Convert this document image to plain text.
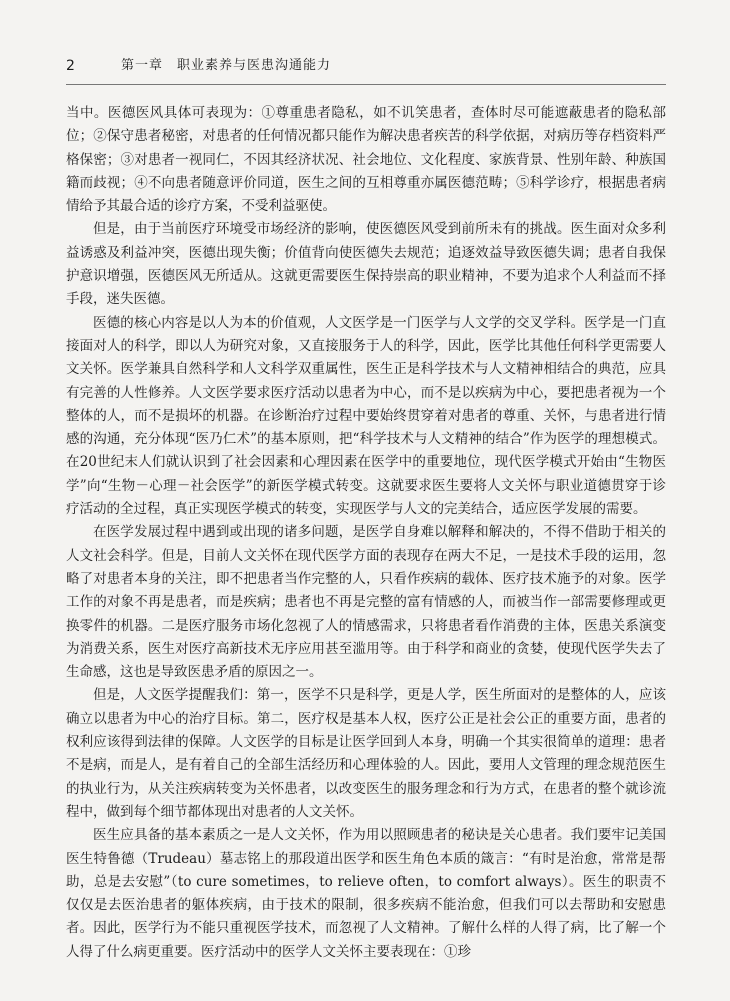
2	第一章　职业素养与医患沟通能力

当中。医德医风具体可表现为：①尊重患者隐私，如不讥笑患者，查体时尽可能遮蔽患者的隐私部位；②保守患者秘密，对患者的任何情况都只能作为解决患者疾苦的科学依据，对病历等存档资料严格保密；③对患者一视同仁，不因其经济状况、社会地位、文化程度、家族背景、性别年龄、种族国籍而歧视；④不向患者随意评价同道，医生之间的互相尊重亦属医德范畴；⑤科学诊疗，根据患者病情给予其最合适的诊疗方案，不受利益驱使。

但是，由于当前医疗环境受市场经济的影响，使医德医风受到前所未有的挑战。医生面对众多利益诱惑及利益冲突，医德出现失衡；价值背向使医德失去规范；追逐效益导致医德失调；患者自我保护意识增强，医德医风无所适从。这就更需要医生保持崇高的职业精神，不要为追求个人利益而不择手段，迷失医德。

医德的核心内容是以人为本的价值观，人文医学是一门医学与人文学的交叉学科。医学是一门直接面对人的科学，即以人为研究对象，又直接服务于人的科学，因此，医学比其他任何科学更需要人文关怀。医学兼具自然科学和人文科学双重属性，医生正是科学技术与人文精神相结合的典范，应具有完善的人性修养。人文医学要求医疗活动以患者为中心，而不是以疾病为中心，要把患者视为一个整体的人，而不是损坏的机器。在诊断治疗过程中要始终贯穿着对患者的尊重、关怀，与患者进行情感的沟通，充分体现“医乃仁术”的基本原则，把“科学技术与人文精神的结合”作为医学的理想模式。在20世纪末人们就认识到了社会因素和心理因素在医学中的重要地位，现代医学模式开始由“生物医学”向“生物－心理－社会医学”的新医学模式转变。这就要求医生要将人文关怀与职业道德贯穿于诊疗活动的全过程，真正实现医学模式的转变，实现医学与人文的完美结合，适应医学发展的需要。

在医学发展过程中遇到或出现的诸多问题，是医学自身难以解释和解决的，不得不借助于相关的人文社会科学。但是，目前人文关怀在现代医学方面的表现存在两大不足，一是技术手段的运用，忽略了对患者本身的关注，即不把患者当作完整的人，只看作疾病的载体、医疗技术施予的对象。医学工作的对象不再是患者，而是疾病；患者也不再是完整的富有情感的人，而被当作一部需要修理或更换零件的机器。二是医疗服务市场化忽视了人的情感需求，只将患者看作消费的主体，医患关系演变为消费关系，医生对医疗高新技术无序应用甚至滥用等。由于科学和商业的贪婪，使现代医学失去了生命感，这也是导致医患矛盾的原因之一。

但是，人文医学提醒我们：第一，医学不只是科学，更是人学，医生所面对的是整体的人，应该确立以患者为中心的治疗目标。第二，医疗权是基本人权，医疗公正是社会公正的重要方面，患者的权利应该得到法律的保障。人文医学的目标是让医学回到人本身，明确一个其实很简单的道理：患者不是病，而是人，是有着自己的全部生活经历和心理体验的人。因此，要用人文管理的理念规范医生的执业行为，从关注疾病转变为关怀患者，以改变医生的服务理念和行为方式，在患者的整个就诊流程中，做到每个细节都体现出对患者的人文关怀。

医生应具备的基本素质之一是人文关怀，作为用以照顾患者的秘诀是关心患者。我们要牢记美国医生特鲁德（Trudeau）墓志铭上的那段道出医学和医生角色本质的箴言：“有时是治愈，常常是帮助，总是去安慰”（to cure sometimes，to relieve often，to comfort always）。医生的职责不仅仅是去医治患者的躯体疾病，由于技术的限制，很多疾病不能治愈，但我们可以去帮助和安慰患者。因此，医学行为不能只重视医学技术，而忽视了人文精神。了解什么样的人得了病，比了解一个人得了什么病更重要。医疗活动中的医学人文关怀主要表现在：①珍
